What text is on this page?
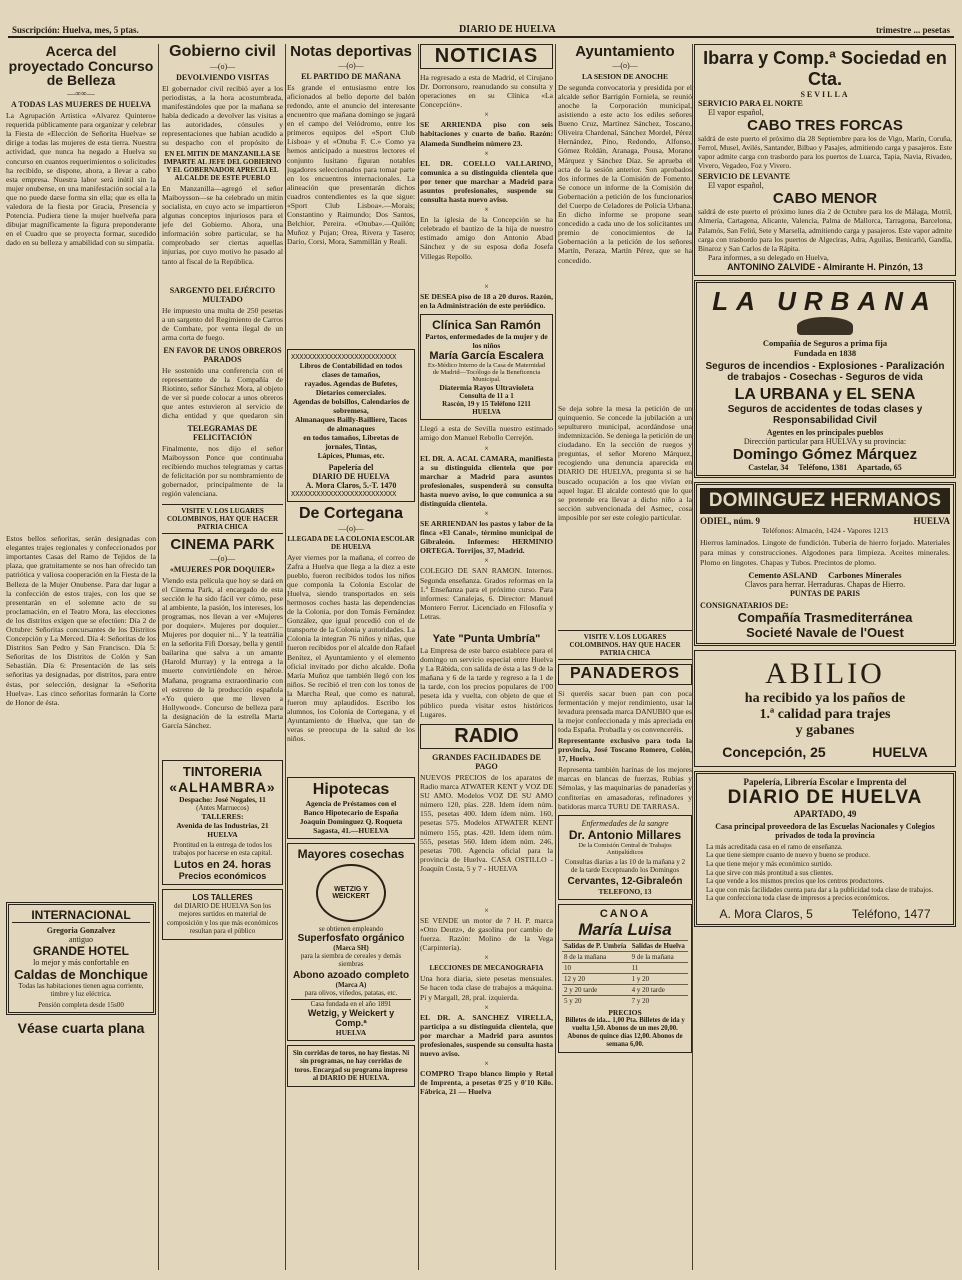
Suscripción: Huelva, mes, 5 ptas.	DIARIO DE HUELVA	trimestre ... pesetas
Acerca del proyectado Concurso de Belleza
—∞∞—
A TODAS LAS MUJERES DE HUELVA
La Agrupación Artística «Alvarez Quintero» requerida públicamente para organizar y celebrar la Fiesta de «Elección de Señorita Huelva» se dirige a todas las mujeres de esta tierra. Nuestra actividad, que nunca ha negado a Huelva su concurso en cuantos requerimientos o solicitudes ha recibido, se dispone, ahora, a llevar a cabo esta empresa. Nuestra labor será inútil sin la mujer onubense, en una manifestación social a la que no puede darse forma sin ella; que es ella la valedora de la fiesta por Gracia, Presencia y Potencia. Pudiera tiene la mujer huelveña para dibujar magníficamente la figura preponderante en el Cuadro que se proyecta formar, sucedido dado en su belleza y amabilidad con su simpatía.
Estos bellos señoritas, serán designadas con elegantes trajes regionales y confeccionados por importantes Casas del Ramo de Tejidos de la plaza, que gratuitamente se nos han ofrecido tan patriótica y valiosa cooperación en la Fiesta de la Belleza de la Mujer Onubense. Para dar lugar a la confección de estos trajes, con los que se presentarán en el solemne acto de su proclamación, en el Teatro Mora, las elecciones de los distritos exigen que se efectúen: Día 2 de Octubre: Señoritas concursantes de los Distritos Concepción y La Merced. Día 4: Señoritas de los Distritos San Pedro y San Francisco. Día 5: Señoritas de los Distritos de Colón y San Sebastián. Día 6: Presentación de las seis señoritas ya designadas, por distritos, para entre éstas, por selección, designar la «Señorita Huelva». Las cinco señoritas formarán la Corte de Honor de ésta.
INTERNACIONAL
Gregoria Gonzalvez
antiguo
GRANDE HOTEL
lo mejor y más confortable en
Caldas de Monchique
Todas las habitaciones tienen agua corriente, timbre y luz eléctrica.
Pensión completa desde 15s00
Véase cuarta plana
Gobierno civil
—(o)—
DEVOLVIENDO VISITAS
El gobernador civil recibió ayer a los periodistas, a la hora acostumbrada, manifestándoles que por la mañana se había dedicado a devolver las visitas a las autoridades, cónsules y representaciones que habían acudido a su despacho con el propósito de
EN EL MITIN DE MANZANILLA SE IMPARTE AL JEFE DEL GOBIERNO Y EL GOBERNADOR APRECIA EL ALCALDE DE ESTE PUEBLO
En Manzanilla—agregó el señor Maiboysson—se ha celebrado un mitin socialista, en cuyo acto se impartieron algunas conceptos injuriosos para el jefe del Gobierno. Ahora, una información sobre particular, se ha comprobado ser ciertas aquellas injurias, por cuyo motivo he pasado al tanto al fiscal de la República.
SARGENTO DEL EJÉRCITO MULTADO
He impuesto una multa de 250 pesetas a un sargento del Regimiento de Carros de Combate, por venta ilegal de un arma corta de fuego.
EN FAVOR DE UNOS OBREROS PARADOS
He sostenido una conferencia con el representante de la Compañía de Riotinto, señor Sánchez Mora, al objeto de ver si puede colocar a unos obreros que antes estuvieron al servicio de dicha entidad y que quedaron sin
TELEGRAMAS DE FELICITACIÓN
Finalmente, nos dijo el señor Maiboysson Ponce que continuaba recibiendo muchos telegramas y cartas de felicitación por su nombramiento de gobernador, principalmente de la región valenciana.
VISITE V. LOS LUGARES COLOMBINOS, HAY QUE HACER PATRIA CHICA
CINEMA PARK
—(o)—
«MUJERES POR DOQUIER»
Viendo esta película que hoy se dará en el Cinema Park, al encargado de esta sección le ha sido fácil ver cómo, pese al ambiente, la pasión, los intereses, los programas, nos llevan a ver «Mujeres por doquier». Mujeres por doquier... Mujeres por doquier ni... Y la teatrália en la señorita Fifi Dorsay, bella y gentil bailarina que salva a un amante (Harold Murray) y la entrega a la muerte convirtiéndole en héroe. Mañana, programa extraordinario con el estreno de la producción española «Yo quiero que me lleven a Hollywood». Concurso de belleza para la designación de la estrella Marta García Sánchez.
TINTORERIA
«ALHAMBRA»
Despacho: José Nogales, 11
(Antes Marruecos)
TALLERES:
Avenida de las Industrias, 21
HUELVA
Prontitud en la entrega de todos los trabajos por hacerse en esta capital.
Lutos en 24. horas
Precios económicos
LOS TALLERES
del DIARIO DE HUELVA Son los mejores surtidos en material de composición y los que más económicos resultan para el público
Notas deportivas
—(o)—
EL PARTIDO DE MAÑANA
Es grande el entusiasmo entre los aficionados al bello deporte del balón redondo, ante el anuncio del interesante encuentro que mañana domingo se jugará en el campo del Velódromo, entre los primeros equipos del «Sport Club Lisboa» y el «Onuba F. C.» Como ya hemos anticipado a nuestros lectores el conjunto lusitano figuran notables jugadores seleccionados para tomar parte en los encuentros internacionales. La alineación que presentarán dichos cuadros contendientes es la que sigue: «Sport Club Lisboa».—Morais; Constantino y Raimundo; Dos Santos, Belchior, Pereira. «Onuba».—Quilón; Muñoz y Pujan; Orea, Rivera y Tasero; Dario, Corsi, Mora, Sammillán y Reali.
XXXXXXXXXXXXXXXXXXXXXXXXX
Libros de Contabilidad en todos clases de tamaños,
rayados. Agendas de Bufetes, Dietarios comerciales.
Agendas de bolsillos, Calendarios de sobremesa,
Almanaques Bailly-Bailliere, Tacos de almanaques
en todos tamaños, Libretas de jornales, Tintas,
Lápices, Plumas, etc.
Papelería del
DIARIO DE HUELVA
A. Mora Claros, 5.-T. 1470
XXXXXXXXXXXXXXXXXXXXXXXXX
De Cortegana
—(o)—
LLEGADA DE LA COLONIA ESCOLAR DE HUELVA
Ayer viernes por la mañana, el correo de Zafra a Huelva que llega a la diez a este pueblo, fueron recibidos todos los niños que componía la Colonia Escolar de Huelva, siendo transportados en seis hermosos coches hasta las dependencias de la Colonia, por don Tomás Fernández González, que igual procedió con el de transporte de la Colonia y autoridades. La Colonia la integran 76 niños y niñas, que fueron recibidos por el alcalde don Rafael Benítez, el Ayuntamiento y el elemento oficial invitado por dicho alcalde. Doña María Muñoz que también llegó con los niños. Se recibió el tren con los tonos de la Marcha Real, que como es natural, fueron muy aplaudidos. Escribo los alumnos, los Colonia de Cortegana, y el Ayuntamiento de Huelva, que tan de veras se preocupa de la salud de los niños.
Hipotecas
Agencia de Préstamos con el
Banco Hipotecario de España
Joaquín Domínguez Q. Roqueta
Sagasta, 41.—HUELVA
Mayores cosechas
WETZIG Y WEICKERT
se obtienen empleando
Superfosfato orgánico
(Marca SH)
para la siembra de cereales y demás siembras
Abono azoado completo
(Marca A)
para olivos, viñedos, patatas, etc.
Casa fundada en el año 1891
Wetzig, y Weickert y Comp.ª
HUELVA
Sin corridas de toros, no hay fiestas. Ni sin programas, no hay corridas de toros. Encargad su programa impreso al DIARIO DE HUELVA.
NOTICIAS
Ha regresado a esta de Madrid, el Cirujano Dr. Dorronsoro, reanudando su consulta y operaciones en su Clínica «La Concepción».
×
SE ARRIENDA piso con seis habitaciones y cuarto de baño. Razón: Alameda Sundheim número 23.
×
EL DR. COELLO VALLARINO, comunica a su distinguida clientela que por tener que marchar a Madrid para asuntos profesionales, suspende su consulta hasta nuevo aviso.
×
En la iglesia de la Concepción se ha celebrado el bautizo de la hija de nuestro estimado amigo don Antonio Abad Sánchez y de su esposa doña Josefa Villegas Repollo.
×
SE DESEA piso de 18 a 20 duros. Razón, en la Administración de este periódico.
Clínica San Ramón
Partos, enfermedades de la mujer y de los niños
María García Escalera
Ex-Médico Interno de la Casa de Maternidad de Madrid—Tocólogo de la Beneficencia Municipal.
Diatermia Rayos Ultravioleta
Consulta de 11 a 1
Rascón, 19 y 15 Teléfono 1211
HUELVA
Llegó a esta de Sevilla nuestro estimado amigo don Manuel Rebollo Cerrejón.
×
EL DR. A. ACAL CAMARA, manifiesta a su distinguida clientela que por marchar a Madrid para asuntos profesionales, suspenderá su consulta hasta nuevo aviso, lo que comunica a su distinguida clientela.
×
SE ARRIENDAN los pastos y labor de la finca «El Canal», término municipal de Gibraleón. Informes: HERMINIO ORTEGA. Torrijos, 37, Madrid.
×
COLEGIO DE SAN RAMON. Internos. Segunda enseñanza. Grados reformas en la 1.ª Enseñanza para el próximo curso. Para informes: Canalejas, 6. Director: Manuel Montero Ferror. Licenciado en Filosofía y Letras.
Yate "Punta Umbría"
La Empresa de este barco establece para el domingo un servicio especial entre Huelva y La Rábida, con salida de ésta a las 9 de la mañana y 6 de la tarde y regreso a la 1 de la tarde, con los precios populares de 1'00 peseta ida y vuelta, con objeto de que el público pueda visitar estos históricos Lugares.
RADIO
GRANDES FACILIDADES DE PAGO
NUEVOS PRECIOS de los aparatos de Radio marca ATWATER KENT y VOZ DE SU AMO. Modelos VOZ DE SU AMO número 120, pías. 228. Idem ídem núm. 155, pesetas 400. Idem ídem núm. 160, pesetas 575. Modelos ATWATER KENT número 155, ptas. 420. Idem ídem núm. 555, pesetas 560. Idem ídem núm. 246, pesetas 700. Agencia oficial para la provincia de Huelva. CASA OSTILLO - Joaquín Costa, 5 y 7 - HUELVA
×
SE VENDE un motor de 7 H. P. marca «Otto Deutz», de gasolina por cambio de fuerza. Razón: Molino de la Vega (Carpintería).
×
LECCIONES DE MECANOGRAFIA
Una hora diaria, siete pesetas mensuales. Se hacen toda clase de trabajos a máquina. Pí y Margall, 28, pral. izquierda.
×
EL DR. A. SANCHEZ VIRELLA, participa a su distinguida clientela, que por marchar a Madrid para asuntos profesionales, suspende su consulta hasta nuevo aviso.
×
COMPRO Trapo blanco limpio y Retal de Imprenta, a pesetas 0'25 y 0'10 Kilo. Fábrica, 21 — Huelva
Ayuntamiento
—(o)—
LA SESION DE ANOCHE
De segunda convocatoria y presidida por el alcalde señor Barrigón Forniela, se reunió anoche la Corporación municipal, asistiendo a este acto los ediles señores Bueno Cruz, Martínez Sánchez, Toscano, Oliveira Chardenal, Sánchez Mordel, Pérez Hernández, Pino, Redondo, Alfonso, Gómez Roldán, Aranaga, Pousa, Morano Márquez y Sánchez Díaz. Se aprueba el acta de la sesión anterior. Son aprobados dos informes de la Comisión de Fomento. Se conoce un informe de la Comisión de Gobernación a petición de los funcionarios del Cuerpo de Celadores de Policía Urbana. En dicho informe se propone sean concedido a cada uno de los solicitantes un premio de conocimientos de la Gobernación a la petición de los señores Martín, Peraza, Martín Pérez, que se ha concedido.
Se deja sobre la mesa la petición de un quinquenio. Se concede la jubilación a un sepulturero municipal, acordándose una indemnización. Se deniega la petición de un ciudadano. En la sección de ruegos y preguntas, el señor Moreno Márquez, recogiendo una denuncia aparecida en DIARIO DE HUELVA, pregunta si se ha buscado ocupación a los que vivían en aquel lugar. El alcalde contestó que lo que se pretende era llevar a dicho niño a la sección subvencionada del Asmec, cosa imposible por ser este colegio particular.
VISITE V. LOS LUGARES COLOMBINOS. HAY QUE HACER PATRIA CHICA
PANADEROS
Si queréis sacar buen pan con poca fermentación y mejor rendimiento, usar la levadura prensada marca DANUBIO que es la mejor confeccionada y más apreciada en toda España. Probadla y os convenceréis.
Representante exclusivo para toda la provincia, José Toscano Romero, Colón, 17, Huelva.
Representa también harinas de los mejores marcas en blancas de fuerzas, Rubias y Sémolas, y las maquinarias de panaderías y confiterías en amasadoras, refinadores y batidoras marca TURU DE TARRASA.
Enfermedades de la sangre
Dr. Antonio Millares
De la Comisión Central de Trabajos Antipalúdicos
Consultas diarias a las 10 de la mañana y 2 de la tarde Exceptuando los Domingos
Cervantes, 12-Gibraleón
TELEFONO, 13
CANOA
María Luisa
Salidas de P. Umbría	Salidas de Huelva
8 de la mañana	9 de la mañana
10	11
12 y 20	1 y 20
2 y 20 tarde	4 y 20 tarde
5 y 20	7 y 20
PRECIOS
Billetes de ida... 1,00 Pta. Billetes de ida y vuelta 1,50. Abonos de un mes 20,00. Abonos de quince días 12,00. Abonos de semana 6,00.
Ibarra y Comp.ª Sociedad en Cta.
SEVILLA
SERVICIO PARA EL NORTE
El vapor español,
CABO TRES FORCAS
saldrá de este puerto el próximo día 28 Septiembre para los de Vigo, Marín, Coruña, Ferrol, Musel, Avilés, Santander, Bilbao y Pasajes, admitiendo carga y pasajeros. Este vapor admite carga con trasbordo para los puertos de Luarca, Tapia, Navia, Rivadeo, Vivero, Vegadeo, Foz y Vivero.
SERVICIO DE LEVANTE
El vapor español,
CABO MENOR
saldrá de este puerto el próximo lunes día 2 de Octubre para los de Málaga, Motril, Almería, Cartagena, Alicante, Valencia, Palma de Mallorca, Tarragona, Barcelona, Palamós, San Feliú, Sete y Marsella, admitiendo carga y pasajeros. Este vapor admite carga con trasbordo para los puertos de Algeciras, Adra, Aguilas, Benicarló, Gandía, Binaroz y San Carlos de la Rápita.
Para informes, a su delegado en Huelva,
ANTONINO ZALVIDE - Almirante H. Pinzón, 13
LA URBANA
Compañía de Seguros a prima fija
Fundada en 1838
Seguros de incendios - Explosiones - Paralización de trabajos - Cosechas - Seguros de vida
LA URBANA y EL SENA
Seguros de accidentes de todas clases y Responsabilidad Civil
Agentes en los principales pueblos
Dirección particular para HUELVA y su provincia:
Domingo Gómez Márquez
Castelar, 34     Teléfono, 1381     Apartado, 65
DOMINGUEZ HERMANOS
ODIEL, núm. 9	HUELVA
Teléfonos: Almacén, 1424 - Vapores 1213
Hierros laminados. Lingote de fundición. Tubería de hierro forjado. Materiales para minas y construcciones. Algodones para limpieza. Aceites minerales. Plomo en lingotes. Chapas y Tubos. Precintos de plomo.
Cemento ASLAND     Carbones Minerales
Clavos para herrar. Herraduras. Chapas de Hierro.
PUNTAS DE PARIS
CONSIGNATARIOS DE:
Compañía Trasmediterránea
Societé Navale de l'Ouest
ABILIO
ha recibido ya los paños de
1.ª calidad para trajes
y gabanes
Concepción, 25	HUELVA
Papelería, Librería Escolar e Imprenta del
DIARIO DE HUELVA
APARTADO, 49
Casa principal proveedora de las Escuelas Nacionales y Colegios privados de toda la provincia
La más acreditada casa en el ramo de enseñanza.
La que tiene siempre cuanto de nuevo y bueno se produce.
La que tiene mejor y más económico surtido.
La que sirve con más prontitud a sus clientes.
La que vende a los mismos precios que los centros productores.
La que con más facilidades cuenta para dar a la publicidad toda clase de trabajos.
La que confecciona toda clase de impresos a precios económicos.
A. Mora Claros, 5	Teléfono, 1477
